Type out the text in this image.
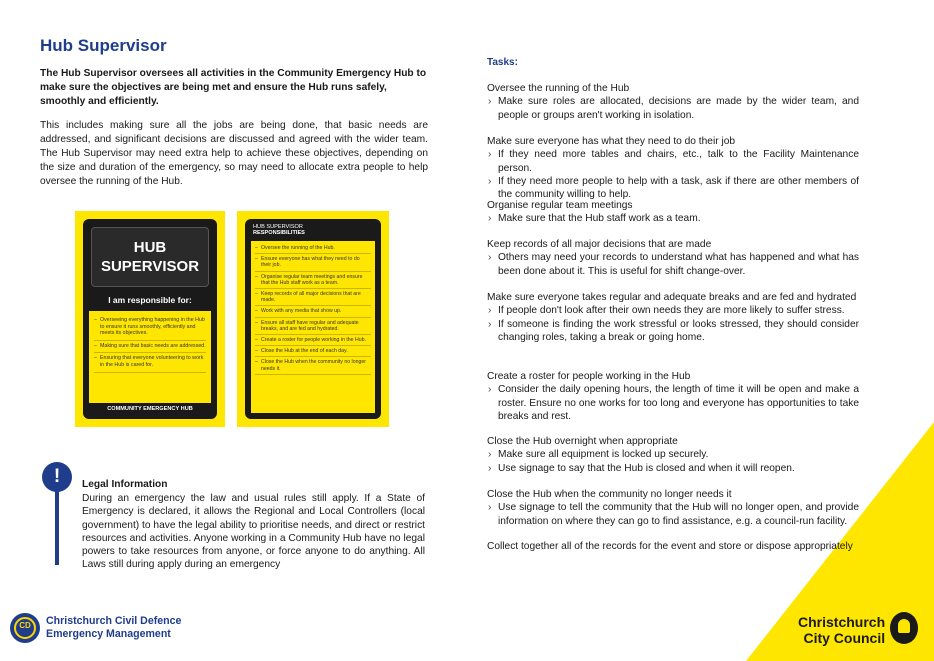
Hub Supervisor
The Hub Supervisor oversees all activities in the Community Emergency Hub to make sure the objectives are being met and ensure the Hub runs safely, smoothly and efficiently.
This includes making sure all the jobs are being done, that basic needs are addressed, and significant decisions are discussed and agreed with the wider team. The Hub Supervisor may need extra help to achieve these objectives, depending on the size and duration of the emergency, so may need to allocate extra people to help oversee the running of the Hub.
HUB
SUPERVISOR
I am responsible for:
– Overseeing everything happening in the Hub to ensure it runs smoothly, efficiently and meets its objectives.
– Making sure that basic needs are addressed.
– Ensuring that everyone volunteering to work in the Hub is cared for.
COMMUNITY EMERGENCY HUB
HUB SUPERVISOR
RESPONSIBILITIES
– Oversee the running of the Hub.
– Ensure everyone has what they need to do their job.
– Organise regular team meetings and ensure that the Hub staff work as a team.
– Keep records of all major decisions that are made.
– Work with any media that show up.
– Ensure all staff have regular and adequate breaks, and are fed and hydrated.
– Create a roster for people working in the Hub.
– Close the Hub at the end of each day.
– Close the Hub when the community no longer needs it.
!	Legal Information
During an emergency the law and usual rules still apply. If a State of Emergency is declared, it allows the Regional and Local Controllers (local government) to have the legal ability to prioritise needs, and direct or restrict resources and activities. Anyone working in a Community Hub have no legal powers to take resources from anyone, or force anyone to do anything. All Laws still during apply during an emergency
CD	Christchurch Civil Defence
Emergency Management
Tasks:
Oversee the running of the Hub
› Make sure roles are allocated, decisions are made by the wider team, and people or groups aren't working in isolation.
Make sure everyone has what they need to do their job
› If they need more tables and chairs, etc., talk to the Facility Maintenance person.
› If they need more people to help with a task, ask if there are other members of the community willing to help.
Organise regular team meetings
› Make sure that the Hub staff work as a team.
Keep records of all major decisions that are made
› Others may need your records to understand what has happened and what has been done about it. This is useful for shift change-over.
Make sure everyone takes regular and adequate breaks and are fed and hydrated
› If people don't look after their own needs they are more likely to suffer stress.
› If someone is finding the work stressful or looks stressed, they should consider changing roles, taking a break or going home.
Create a roster for people working in the Hub
› Consider the daily opening hours, the length of time it will be open and make a roster. Ensure no one works for too long and everyone has opportunities to take breaks and rest.
Close the Hub overnight when appropriate
› Make sure all equipment is locked up securely.
› Use signage to say that the Hub is closed and when it will reopen.
Close the Hub when the community no longer needs it
› Use signage to tell the community that the Hub will no longer open, and provide information on where they can go to find assistance, e.g. a council-run facility.
Collect together all of the records for the event and store or dispose appropriately
Christchurch
City Council
